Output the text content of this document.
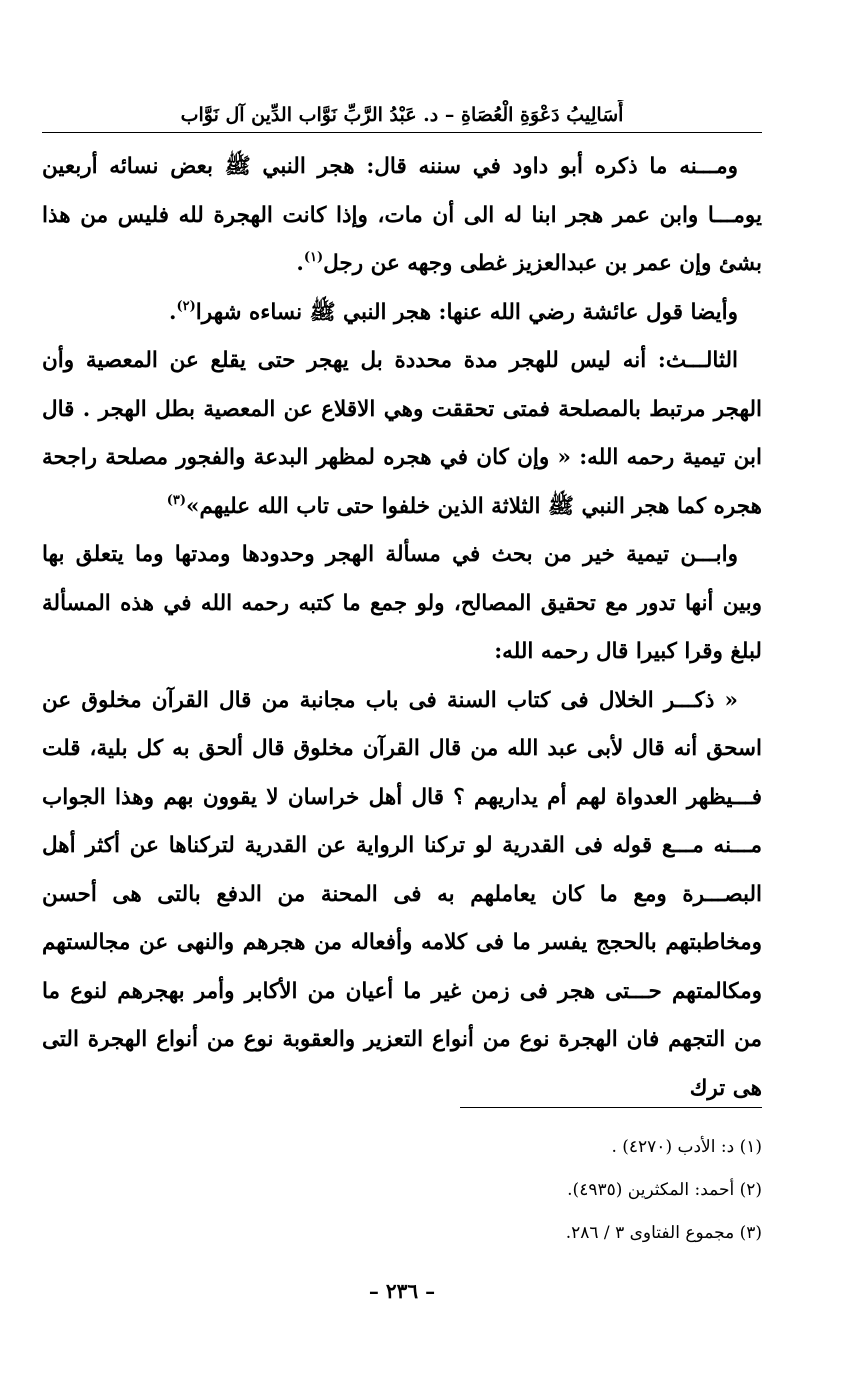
أَسَالِيبُ دَعْوَةِ الْعُصَاةِ – د. عَبْدُ الرَّبِّ نَوَّاب الدِّين آل نَوَّاب

ومـــنه ما ذكره أبو داود في سننه قال: هجر النبي ﷺ بعض نسائه أربعين يومـــا وابن عمر هجر ابنا له الى أن مات، وإذا كانت الهجرة لله فليس من هذا بشئ وإن عمر بن عبدالعزيز غطى وجهه عن رجل$^{(١)}$.

وأيضا قول عائشة رضي الله عنها: هجر النبي ﷺ نساءه شهرا$^{(٢)}$.

الثالـــث: أنه ليس للهجر مدة محددة بل يهجر حتى يقلع عن المعصية وأن الهجر مرتبط بالمصلحة فمتى تحققت وهي الاقلاع عن المعصية بطل الهجر . قال ابن تيمية رحمه الله: « وإن كان في هجره لمظهر البدعة والفجور مصلحة راجحة هجره كما هجر النبي ﷺ الثلاثة الذين خلفوا حتى تاب الله عليهم»$^{(٣)}$

وابـــن تيمية خير من بحث في مسألة الهجر وحدودها ومدتها وما يتعلق بها وبين أنها تدور مع تحقيق المصالح، ولو جمع ما كتبه رحمه الله في هذه المسألة لبلغ وقرا كبيرا قال رحمه الله:

« ذكـــر الخلال فى كتاب السنة فى باب مجانبة من قال القرآن مخلوق عن اسحق أنه قال لأبى عبد الله من قال القرآن مخلوق قال ألحق به كل بلية، قلت فـــيظهر العدواة لهم أم يداريهم ؟ قال أهل خراسان لا يقوون بهم وهذا الجواب مـــنه مـــع قوله فى القدرية لو تركنا الرواية عن القدرية لتركناها عن أكثر أهل البصـــرة ومع ما كان يعاملهم به فى المحنة من الدفع بالتى هى أحسن ومخاطبتهم بالحجج يفسر ما فى كلامه وأفعاله من هجرهم والنهى عن مجالستهم ومكالمتهم حـــتى هجر فى زمن غير ما أعيان من الأكابر وأمر بهجرهم لنوع ما من التجهم فان الهجرة نوع من أنواع التعزير والعقوبة نوع من أنواع الهجرة التى هى ترك

(١) د: الأدب (٤٢٧٠) .
(٢) أحمد: المكثرين (٤٩٣٥).
(٣) مجموع الفتاوى ٣ / ٢٨٦.
– ٢٣٦ –
